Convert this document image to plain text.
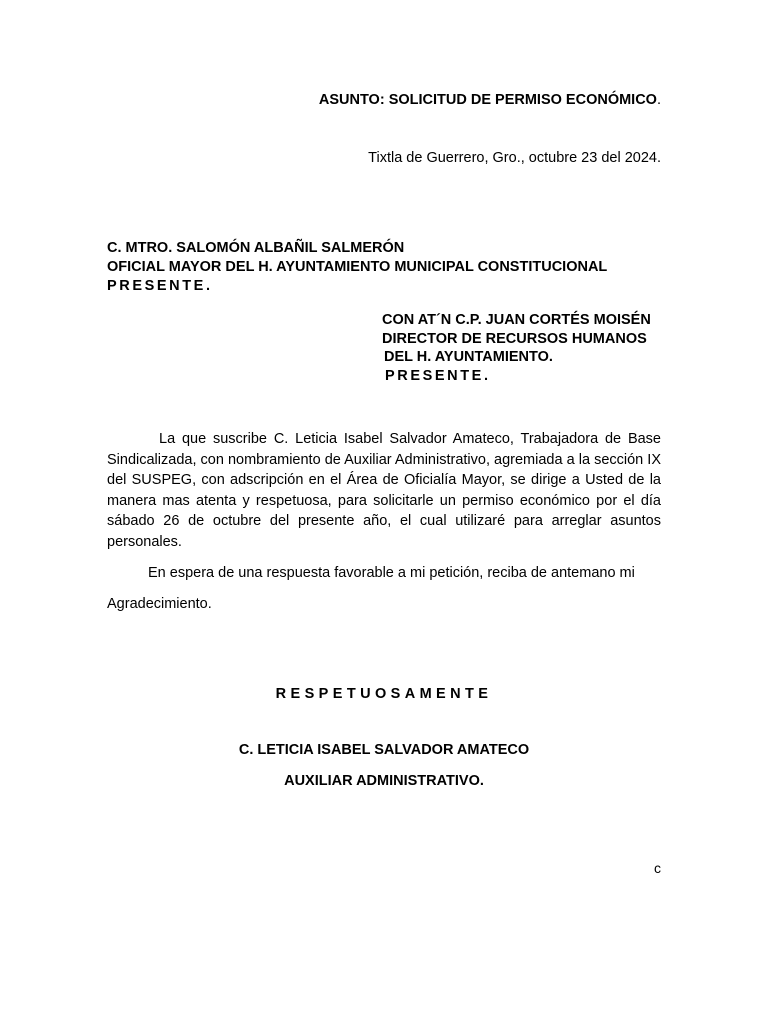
ASUNTO: SOLICITUD DE PERMISO ECONÓMICO.
Tixtla de Guerrero, Gro., octubre 23 del 2024.
C. MTRO. SALOMÓN ALBAÑIL SALMERÓN
OFICIAL MAYOR DEL H. AYUNTAMIENTO MUNICIPAL CONSTITUCIONAL
PRESENTE.
CON AT´N C.P. JUAN CORTÉS MOISÉN
DIRECTOR DE RECURSOS HUMANOS
DEL H. AYUNTAMIENTO.
PRESENTE.
La que suscribe C. Leticia Isabel Salvador Amateco, Trabajadora de Base Sindicalizada, con nombramiento de Auxiliar Administrativo, agremiada a la sección IX del SUSPEG, con adscripción en el Área de Oficialía Mayor, se dirige a Usted de la manera mas atenta y respetuosa, para solicitarle un permiso económico por el día sábado 26 de octubre del presente año, el cual utilizaré para arreglar asuntos personales.
En espera de una respuesta favorable a mi petición, reciba de antemano mi
Agradecimiento.
RESPETUOSAMENTE
C. LETICIA ISABEL SALVADOR AMATECO
AUXILIAR ADMINISTRATIVO.
c
